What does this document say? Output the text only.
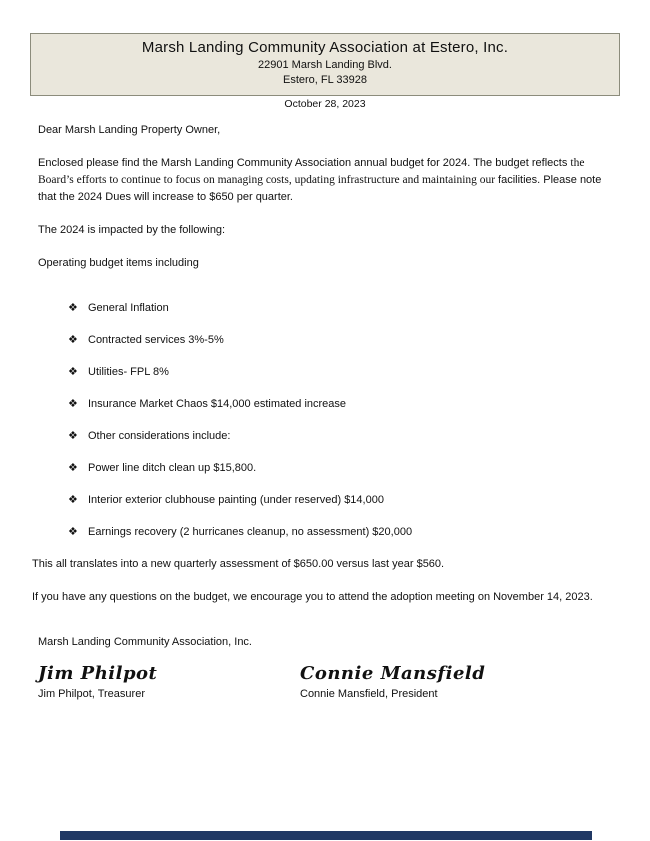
Marsh Landing Community Association at Estero, Inc.
22901 Marsh Landing Blvd.
Estero, FL 33928
October 28, 2023
Dear Marsh Landing Property Owner,
Enclosed please find the Marsh Landing Community Association annual budget for 2024. The budget reflects the Board’s efforts to continue to focus on managing costs, updating infrastructure and maintaining our facilities. Please note that the 2024 Dues will increase to $650 per quarter.
The 2024 is impacted by the following:
Operating budget items including
❖ General Inflation
❖ Contracted services 3%-5%
❖ Utilities- FPL 8%
❖ Insurance Market Chaos $14,000 estimated increase
❖ Other considerations include:
❖ Power line ditch clean up $15,800.
❖ Interior exterior clubhouse painting (under reserved) $14,000
❖ Earnings recovery (2 hurricanes cleanup, no assessment) $20,000
This all translates into a new quarterly assessment of $650.00 versus last year $560.
If you have any questions on the budget, we encourage you to attend the adoption meeting on November 14, 2023.
Marsh Landing Community Association, Inc.
Jim Philpot
Jim Philpot, Treasurer
Connie Mansfield
Connie Mansfield, President
